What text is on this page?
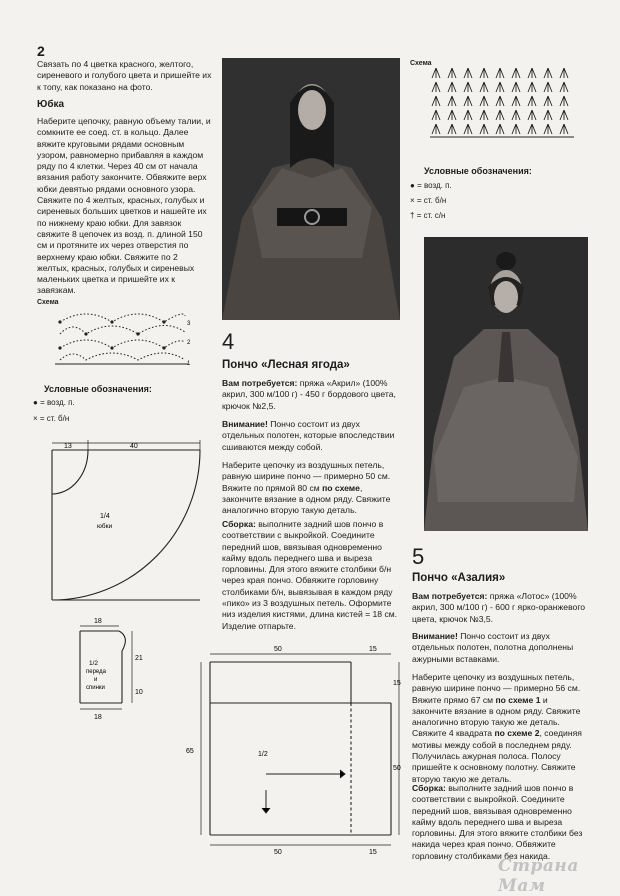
2

Связать по 4 цветка красного, желтого, сиреневого и голубого цвета и пришейте их к топу, как показано на фото.

Юбка

Наберите цепочку, равную объему талии, и сомкните ее соед. ст. в кольцо. Далее вяжите круговыми рядами основным узором, равномерно прибавляя в каждом ряду по 4 клетки. Через 40 см от начала вязания работу закончите. Обвяжите верх юбки девятью рядами основного узора. Свяжите по 4 желтых, красных, голубых и сиреневых больших цветков и нашейте их по нижнему краю юбки. Для завязок свяжите 8 цепочек из возд. п. длиной 150 см и протяните их через отверстия по верхнему краю юбки. Свяжите по 2 желтых, красных, голубых и сиреневых маленьких цветка и пришейте их к завязкам.

Схема
3
2
1
Условные обозначения:
● = возд. п.
× = ст. б/н
13	40
1/4
юбки
18
18
21
10
1/2
переда
и
спинки
4
Пончо «Лесная ягода»

Вам потребуется: пряжа «Акрил» (100% акрил, 300 м/100 г) - 450 г бордового цвета, крючок №2,5.

Внимание! Пончо состоит из двух отдельных полотен, которые впоследствии сшиваются между собой.

Наберите цепочку из воздушных петель, равную ширине пончо — примерно 50 см. Вяжите по прямой 80 см по схеме, закончите вязание в одном ряду. Свяжите аналогично вторую такую деталь.

Сборка: выполните задний шов пончо в соответствии с выкройкой. Соедините передний шов, ввязывая одновременно кайму вдоль переднего шва и выреза горловины. Для этого вяжите столбики б/н через края пончо. Обвяжите горловину столбиками б/н, вывязывая в каждом ряду «пико» из 3 воздушных петель. Оформите низ изделия кистями, длина кистей = 18 см. Изделие отпарьте.

Схема
Условные обозначения:
● = возд. п.
× = ст. б/н
† = ст. с/н
5
Пончо «Азалия»

Вам потребуется: пряжа «Лотос» (100% акрил, 300 м/100 г) - 600 г ярко-оранжевого цвета, крючок №3,5.

Внимание! Пончо состоит из двух отдельных полотен, полотна дополнены ажурными вставками.

Наберите цепочку из воздушных петель, равную ширине пончо — примерно 56 см. Вяжите прямо 67 см по схеме 1 и закончите вязание в одном ряду. Свяжите аналогично вторую такую же деталь. Свяжите 4 квадрата по схеме 2, соединяя мотивы между собой в последнем ряду. Получилась ажурная полоса. Полосу пришейте к основному полотну. Свяжите вторую такую же деталь.

Сборка: выполните задний шов пончо в соответствии с выкройкой. Соедините передний шов, ввязывая одновременно кайму вдоль переднего шва и выреза горловины. Для этого вяжите столбики без накида через края пончо. Обвяжите горловину столбиками без накида.

50	15
15
65
50
50	15
1/2
Страна Мам
